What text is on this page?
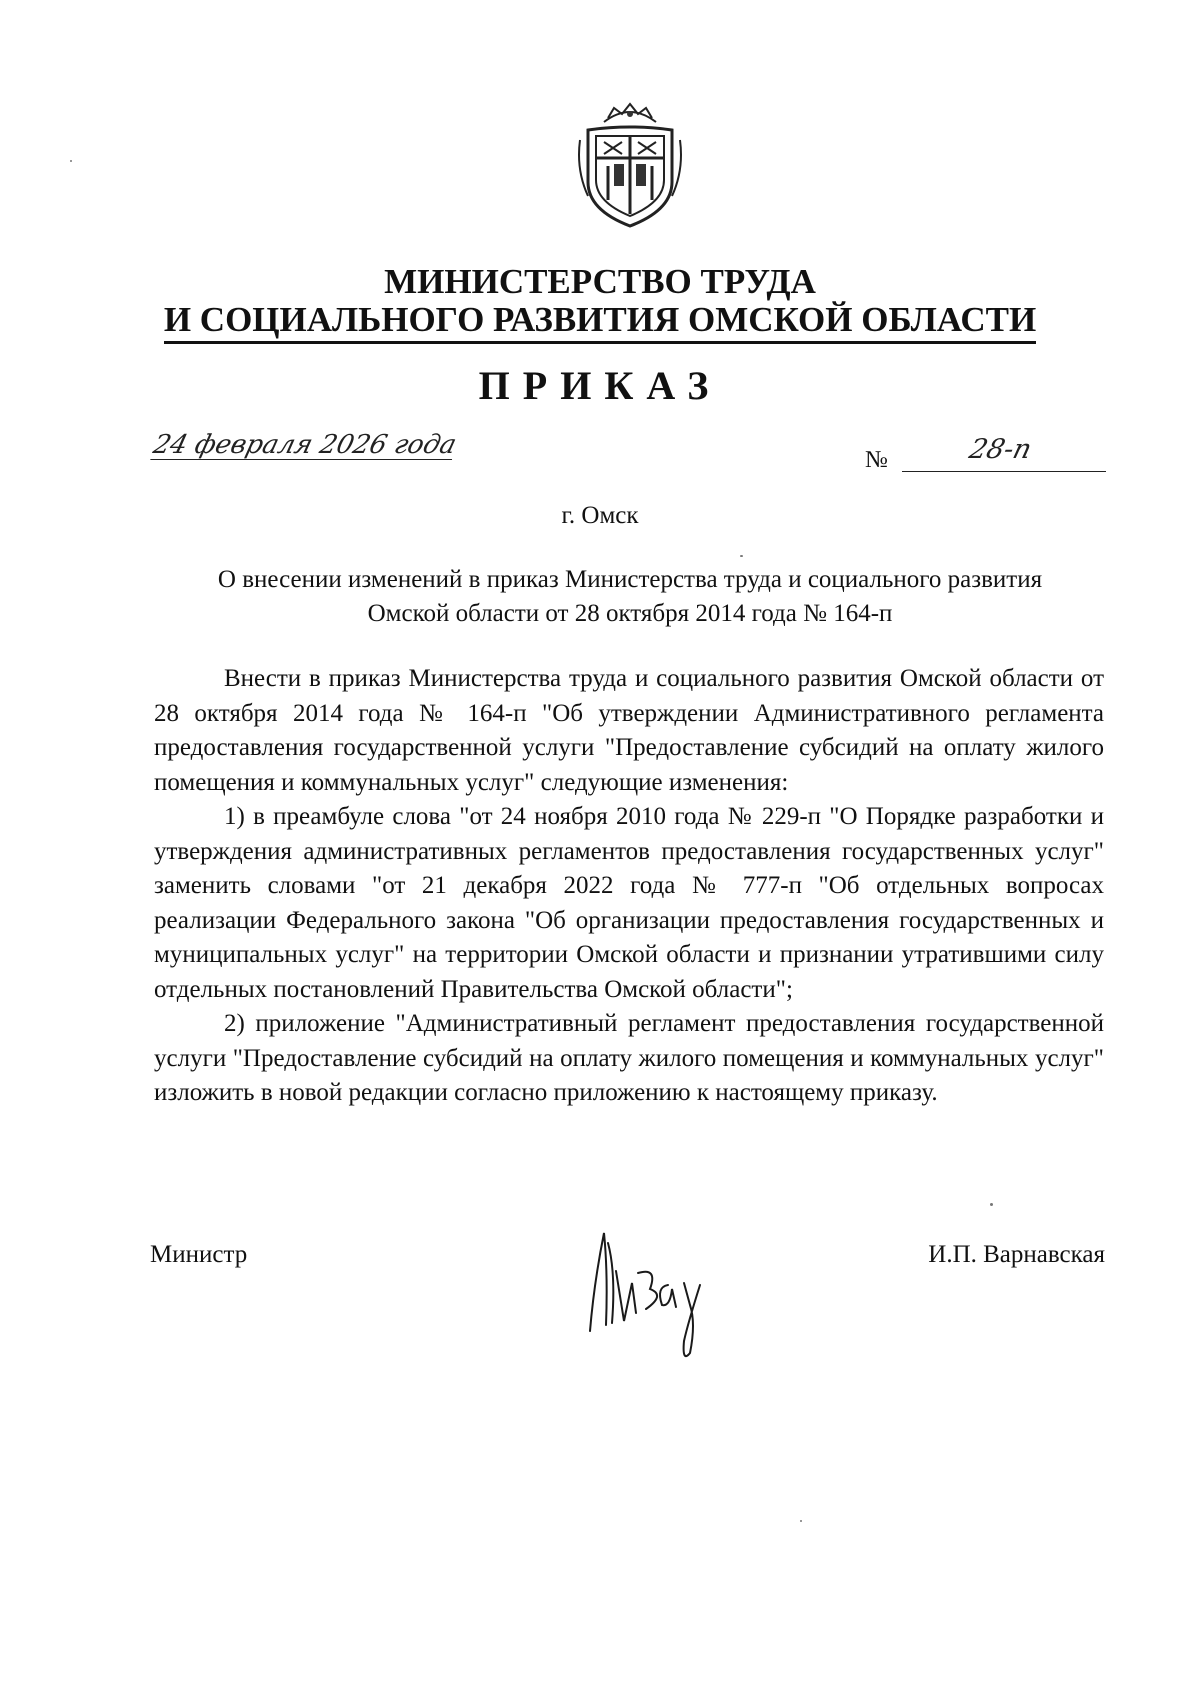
МИНИСТЕРСТВО ТРУДА
И СОЦИАЛЬНОГО РАЗВИТИЯ ОМСКОЙ ОБЛАСТИ
ПРИКАЗ
24 февраля 2026 года	№	28-п
г. Омск
О внесении изменений в приказ Министерства труда и социального развития
Омской области от 28 октября 2014 года № 164-п

Внести в приказ Министерства труда и социального развития Омской области от 28 октября 2014 года № 164-п "Об утверждении Административного регламента предоставления государственной услуги "Предоставление субсидий на оплату жилого помещения и коммунальных услуг" следующие изменения:

1) в преамбуле слова "от 24 ноября 2010 года № 229-п "О Порядке разработки и утверждения административных регламентов предоставления государственных услуг" заменить словами "от 21 декабря 2022 года № 777-п "Об отдельных вопросах реализации Федерального закона "Об организации предоставления государственных и муниципальных услуг" на территории Омской области и признании утратившими силу отдельных постановлений Правительства Омской области";

2) приложение "Административный регламент предоставления государственной услуги "Предоставление субсидий на оплату жилого помещения и коммунальных услуг" изложить в новой редакции согласно приложению к настоящему приказу.

Министр	И.П. Варнавская
